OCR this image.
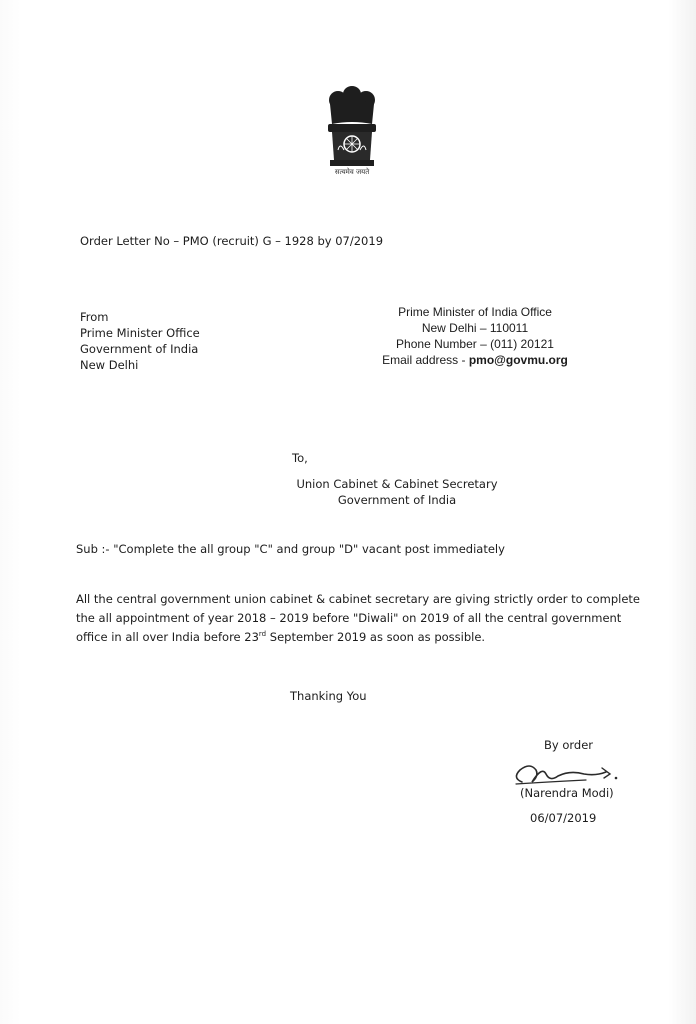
सत्यमेव जयते
Order Letter No – PMO (recruit) G – 1928 by 07/2019
From
Prime Minister Office
Government of India
New Delhi
Prime Minister of India Office
New Delhi – 110011
Phone Number – (011) 20121
Email address - pmo@govmu.org
To,
Union Cabinet & Cabinet Secretary
Government of India
Sub :- "Complete the all group "C" and group "D" vacant post immediately

All the central government union cabinet & cabinet secretary are giving strictly order to complete

the all appointment of year 2018 – 2019 before "Diwali" on 2019 of all the central government

office in all over India before 23rd September 2019 as soon as possible.

Thanking You
By order
(Narendra Modi)
06/07/2019
